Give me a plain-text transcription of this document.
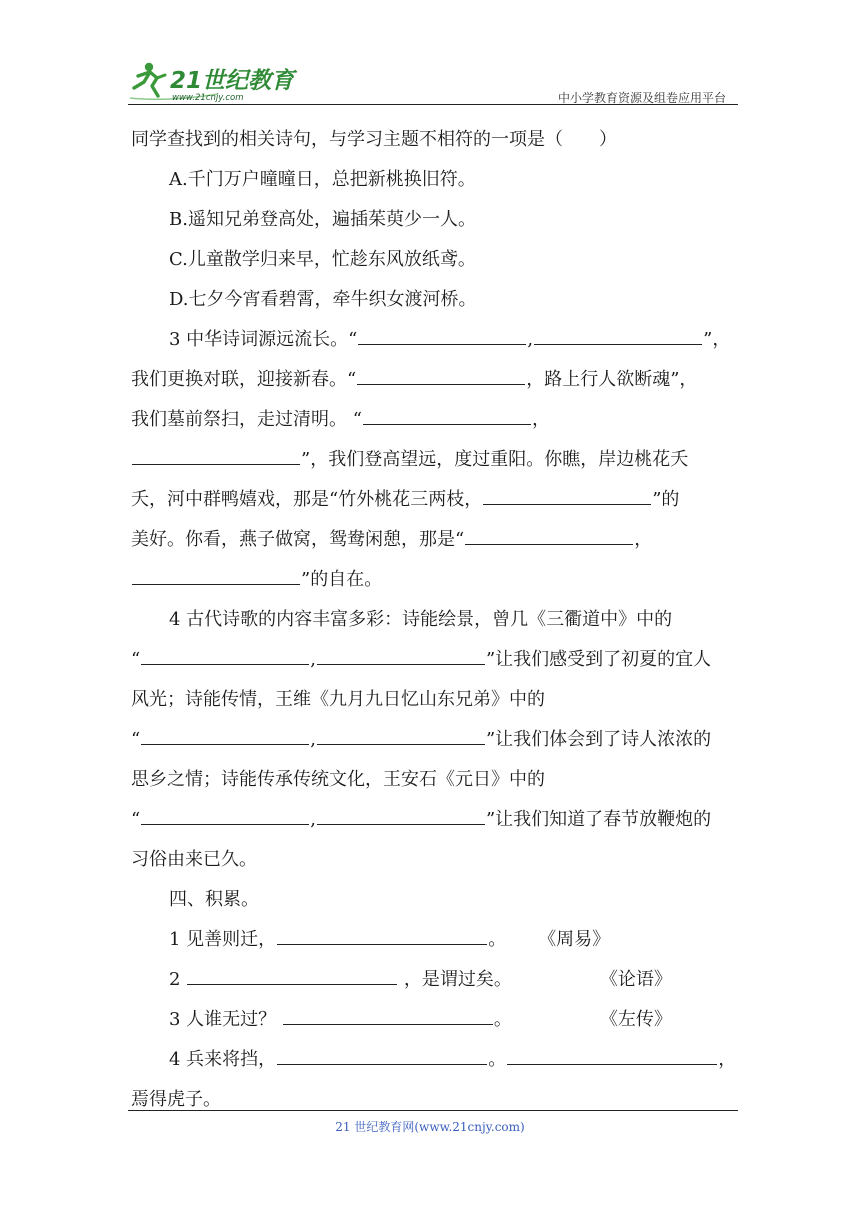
21世纪教育
www.21cnjy.com	中小学教育资源及组卷应用平台
同学查找到的相关诗句，与学习主题不相符的一项是（　　）
A.千门万户曈曈日，总把新桃换旧符。
B.遥知兄弟登高处，遍插茱萸少一人。
C.儿童散学归来早，忙趁东风放纸鸢。
D.七夕今宵看碧霄，牵牛织女渡河桥。
3 中华诗词源远流长。“	,	”，
我们更换对联，迎接新春。“	，路上行人欲断魂”，
我们墓前祭扫，走过清明。 “	，
”，我们登高望远，度过重阳。你瞧，岸边桃花夭
夭，河中群鸭嬉戏，那是“竹外桃花三两枝，	”的
美好。你看，燕子做窝，鸳鸯闲憩，那是“	，
”的自在。
4 古代诗歌的内容丰富多彩：诗能绘景，曾几《三衢道中》中的
“	,	”让我们感受到了初夏的宜人
风光；诗能传情，王维《九月九日忆山东兄弟》中的
“	,	”让我们体会到了诗人浓浓的
思乡之情；诗能传承传统文化，王安石《元日》中的
“	,	”让我们知道了春节放鞭炮的
习俗由来已久。
四、积累。
1 见善则迁，	。 《周易》
2	，是谓过矣。	《论语》
3 人谁无过？	。	《左传》
4 兵来将挡，	。	，
焉得虎子。
21 世纪教育网(www.21cnjy.com)
